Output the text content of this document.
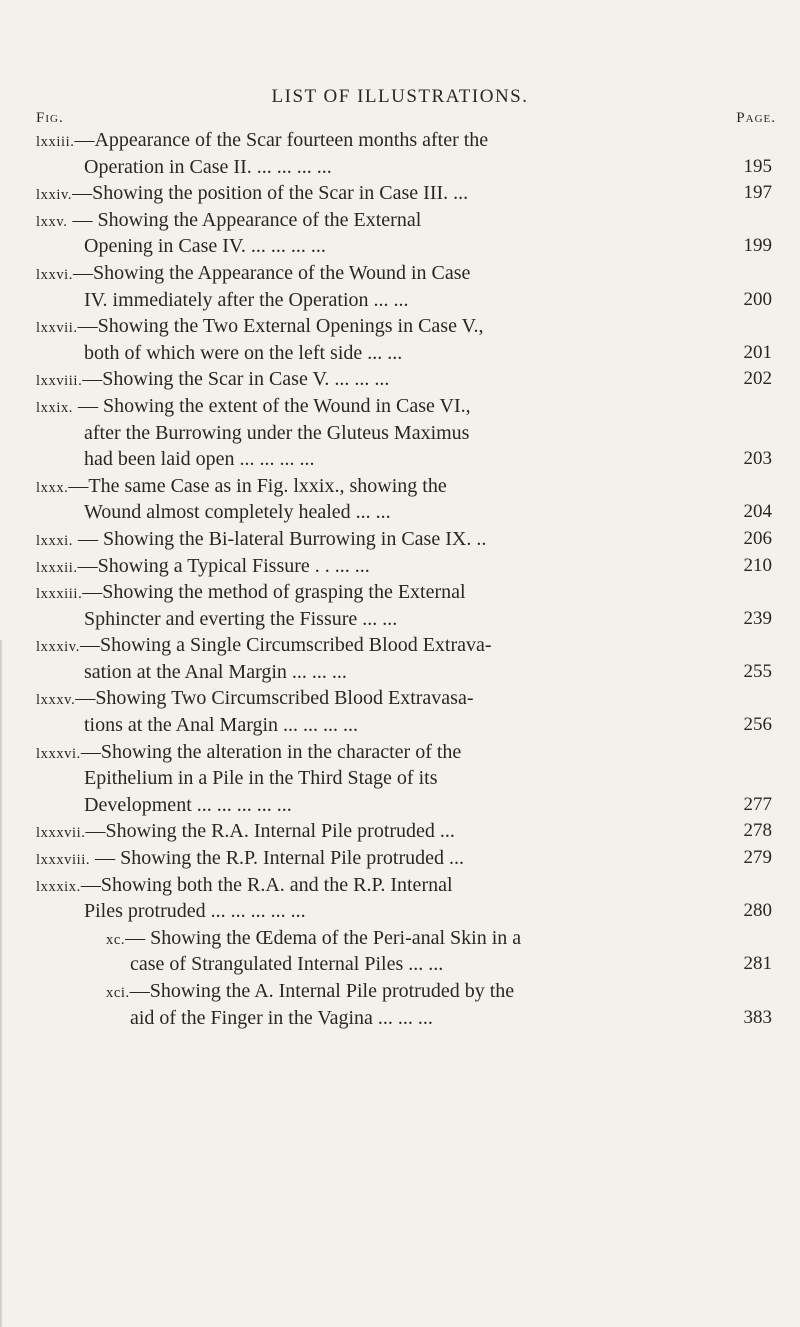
LIST OF ILLUSTRATIONS.
Fig.	Page.
lxxiii.—Appearance of the Scar fourteen months after the
Operation in Case II. ... ... ... ...	195
lxxiv.—Showing the position of the Scar in Case III. ...	197
lxxv. — Showing the Appearance of the External
Opening in Case IV. ... ... ... ...	199
lxxvi.—Showing the Appearance of the Wound in Case
IV. immediately after the Operation ... ...	200
lxxvii.—Showing the Two External Openings in Case V.,
both of which were on the left side ... ...	201
lxxviii.—Showing the Scar in Case V. ... ... ...	202
lxxix. — Showing the extent of the Wound in Case VI.,
after the Burrowing under the Gluteus Maximus
had been laid open ... ... ... ...	203
lxxx.—The same Case as in Fig. lxxix., showing the
Wound almost completely healed ... ...	204
lxxxi. — Showing the Bi-lateral Burrowing in Case IX. ..	206
lxxxii.—Showing a Typical Fissure . . ... ...	210
lxxxiii.—Showing the method of grasping the External
Sphincter and everting the Fissure ... ...	239
lxxxiv.—Showing a Single Circumscribed Blood Extrava-
sation at the Anal Margin ... ... ...	255
lxxxv.—Showing Two Circumscribed Blood Extravasa-
tions at the Anal Margin ... ... ... ...	256
lxxxvi.—Showing the alteration in the character of the
Epithelium in a Pile in the Third Stage of its
Development ... ... ... ... ...	277
lxxxvii.—Showing the R.A. Internal Pile protruded ...	278
lxxxviii. — Showing the R.P. Internal Pile protruded ...	279
lxxxix.—Showing both the R.A. and the R.P. Internal
Piles protruded ... ... ... ... ...	280
xc.— Showing the Œdema of the Peri-anal Skin in a
case of Strangulated Internal Piles ... ...	281
xci.—Showing the A. Internal Pile protruded by the
aid of the Finger in the Vagina ... ... ...	383
